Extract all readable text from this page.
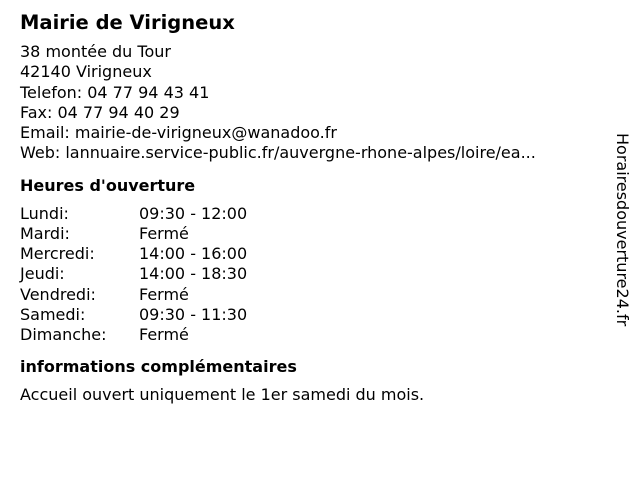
Mairie de Virigneux
38 montée du Tour
42140 Virigneux
Telefon: 04 77 94 43 41
Fax: 04 77 94 40 29
Email: mairie-de-virigneux@wanadoo.fr
Web: lannuaire.service-public.fr/auvergne-rhone-alpes/loire/ea...
Heures d'ouverture
Lundi:	09:30 - 12:00
Mardi:	Fermé
Mercredi:	14:00 - 16:00
Jeudi:	14:00 - 18:30
Vendredi:	Fermé
Samedi:	09:30 - 11:30
Dimanche:	Fermé
informations complémentaires
Accueil ouvert uniquement le 1er samedi du mois.
Horairesdouverture24.fr
